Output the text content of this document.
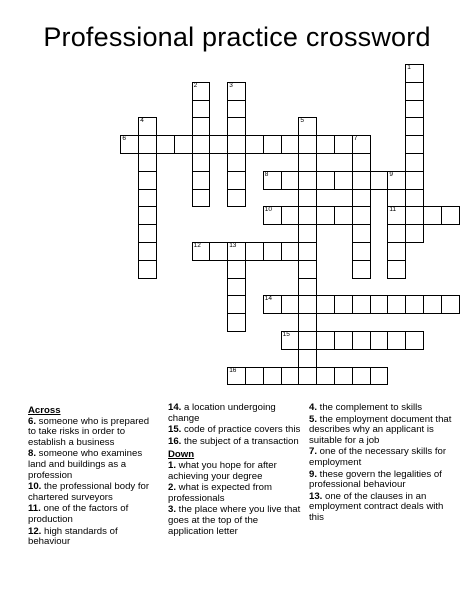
Professional practice crossword
1
2	3
4	5
6	7
8	9
11
10
12	13
14
15
16
Across
6. someone who is prepared to take risks in order to establish a business
8. someone who examines land and buildings as a profession
10. the professional body for chartered surveyors
11. one of the factors of production
12. high standards of behaviour
14. a location undergoing change
15. code of practice covers this
16. the subject of a transaction
Down
1. what you hope for after achieving your degree
2. what is expected from professionals
3. the place where you live that goes at the top of the application letter
4. the complement to skills
5. the employment document that describes why an applicant is suitable for a job
7. one of the necessary skills for employment
9. these govern the legalities of professional behaviour
13. one of the clauses in an employment contract deals with this
